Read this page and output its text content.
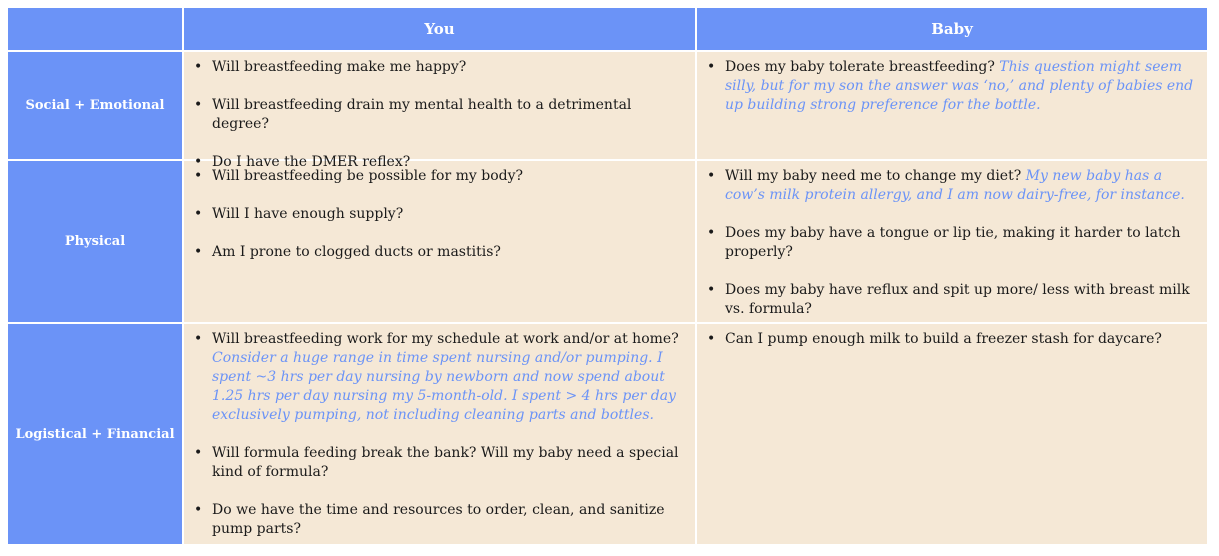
You	Baby
Social + Emotional
• Will breastfeeding make me happy?
• Will breastfeeding drain my mental health to a detrimental degree?
• Do I have the DMER reflex?
• Does my baby tolerate breastfeeding? This question might seem silly, but for my son the answer was ‘no,’ and plenty of babies end up building strong preference for the bottle.
Physical
• Will breastfeeding be possible for my body?
• Will I have enough supply?
• Am I prone to clogged ducts or mastitis?
• Will my baby need me to change my diet? My new baby has a cow’s milk protein allergy, and I am now dairy-free, for instance.
• Does my baby have a tongue or lip tie, making it harder to latch properly?
• Does my baby have reflux and spit up more/ less with breast milk vs. formula?
Logistical + Financial
• Will breastfeeding work for my schedule at work and/or at home? Consider a huge range in time spent nursing and/or pumping. I spent ~3 hrs per day nursing by newborn and now spend about 1.25 hrs per day nursing my 5-month-old. I spent > 4 hrs per day exclusively pumping, not including cleaning parts and bottles.
• Will formula feeding break the bank? Will my baby need a special kind of formula?
• Do we have the time and resources to order, clean, and sanitize pump parts?
• Can I pump enough milk to build a freezer stash for daycare?
